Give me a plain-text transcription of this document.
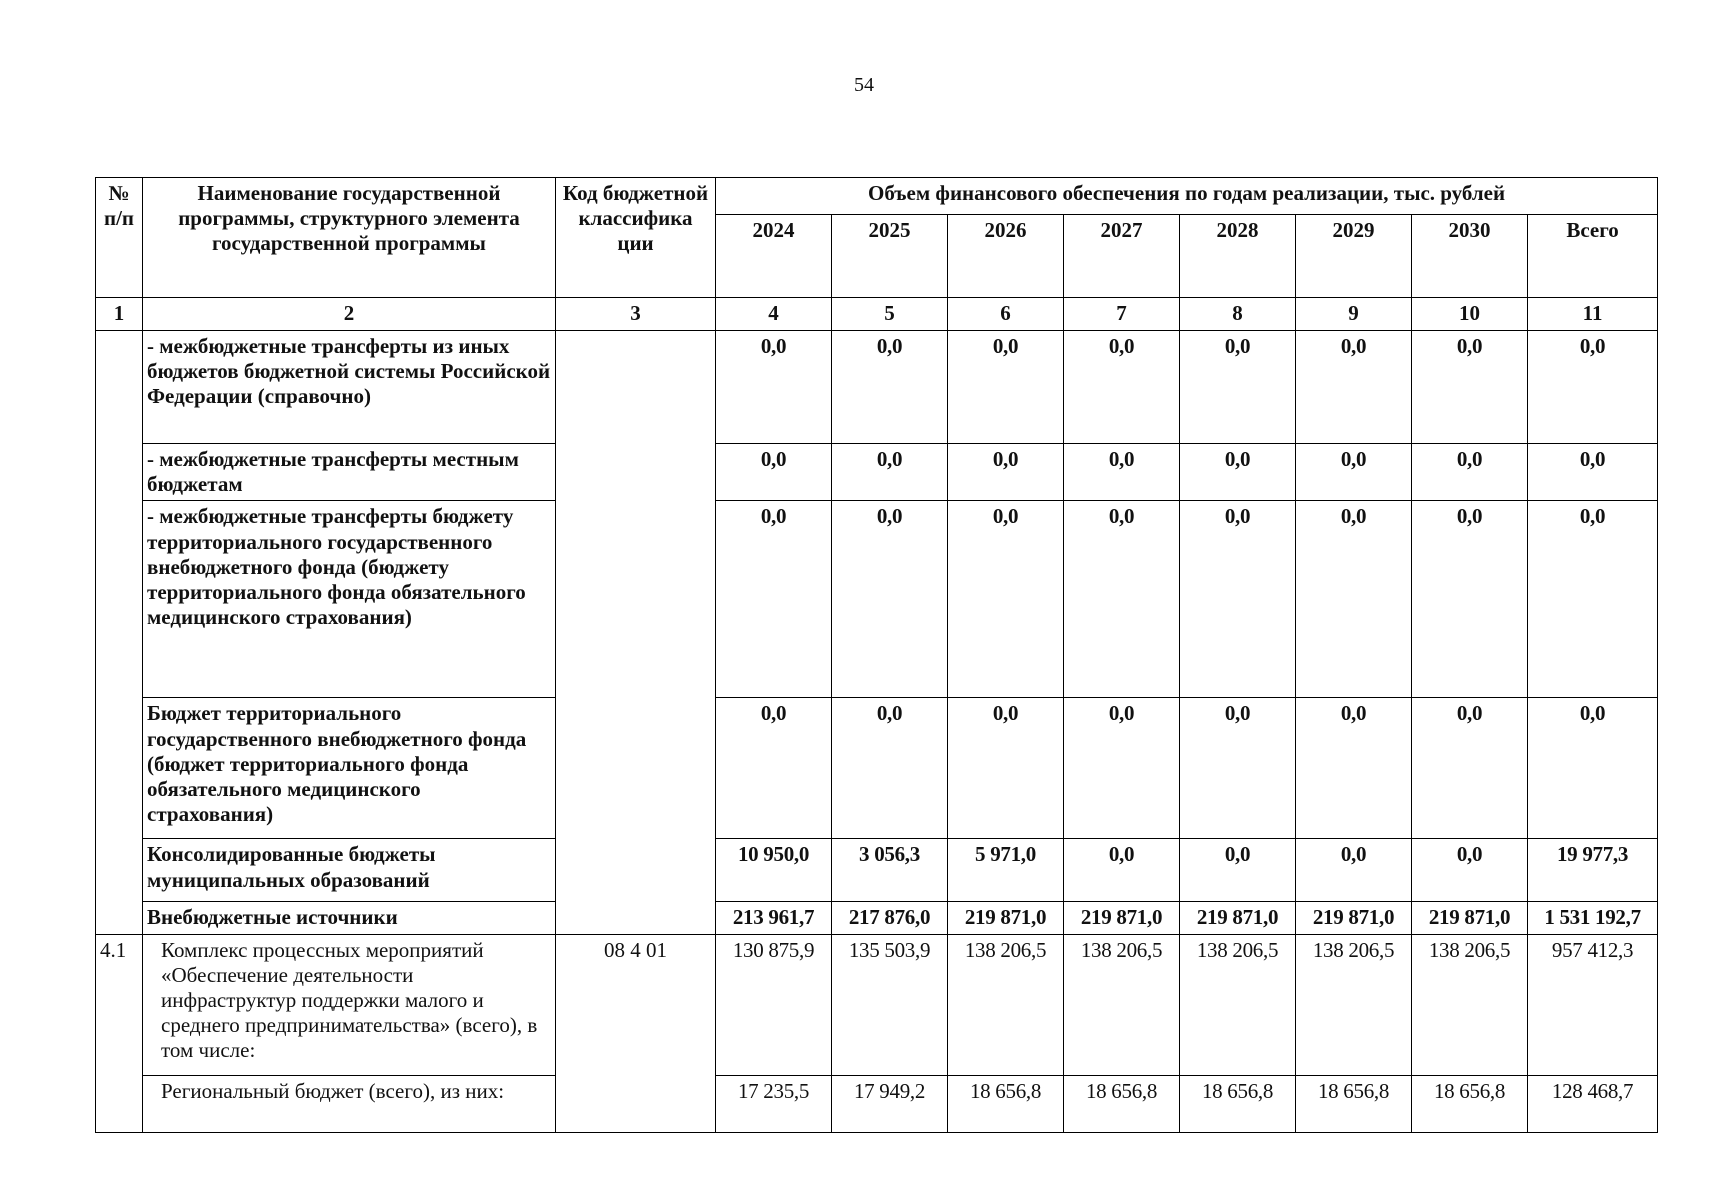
54
№ п/п	Наименование государственной программы, структурного элемента государственной программы	Код бюджетной классифика ции	Объем финансового обеспечения по годам реализации, тыс. рублей							
			2024	2025	2026	2027	2028	2029	2030	Всего
1	2	3	4	5	6	7	8	9	10	11
	- межбюджетные трансферты из иных бюджетов бюджетной системы Российской Федерации (справочно)		0,0	0,0	0,0	0,0	0,0	0,0	0,0	0,0
	- межбюджетные трансферты местным бюджетам		0,0	0,0	0,0	0,0	0,0	0,0	0,0	0,0
	- межбюджетные трансферты бюджету территориального государственного внебюджетного фонда (бюджету территориального фонда обязательного медицинского страхования)		0,0	0,0	0,0	0,0	0,0	0,0	0,0	0,0
	Бюджет территориального государственного внебюджетного фонда (бюджет территориального фонда обязательного медицинского страхования)		0,0	0,0	0,0	0,0	0,0	0,0	0,0	0,0
	Консолидированные бюджеты муниципальных образований		10 950,0	3 056,3	5 971,0	0,0	0,0	0,0	0,0	19 977,3
	Внебюджетные источники		213 961,7	217 876,0	219 871,0	219 871,0	219 871,0	219 871,0	219 871,0	1 531 192,7
4.1	Комплекс процессных мероприятий «Обеспечение деятельности инфраструктур поддержки малого и среднего предпринимательства» (всего), в том числе:	08 4 01	130 875,9	135 503,9	138 206,5	138 206,5	138 206,5	138 206,5	138 206,5	957 412,3
	Региональный бюджет (всего), из них:		17 235,5	17 949,2	18 656,8	18 656,8	18 656,8	18 656,8	18 656,8	128 468,7
